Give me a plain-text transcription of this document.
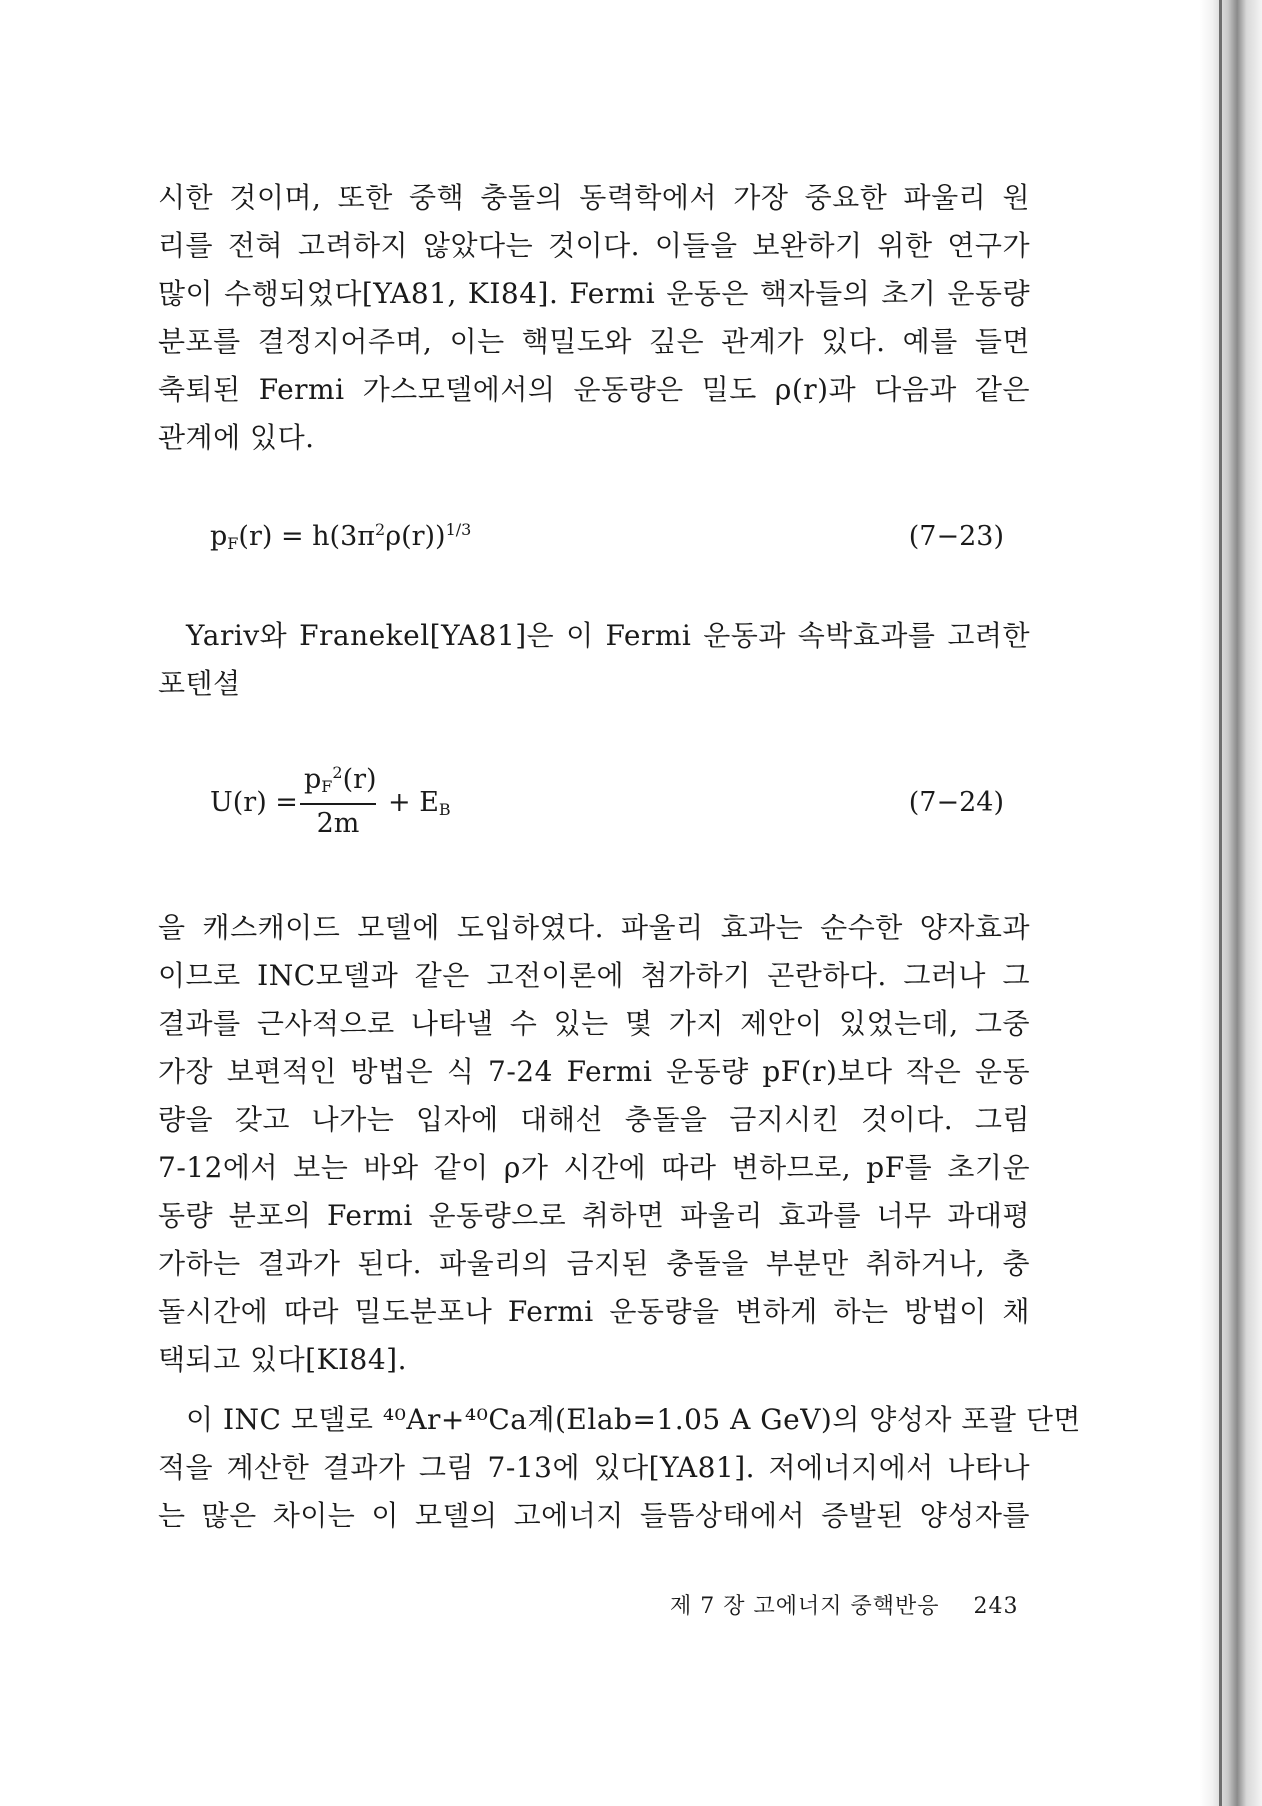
시한 것이며, 또한 중핵 충돌의 동력학에서 가장 중요한 파울리 원
리를 전혀 고려하지 않았다는 것이다. 이들을 보완하기 위한 연구가
많이 수행되었다[YA81, KI84]. Fermi 운동은 핵자들의 초기 운동량
분포를 결정지어주며, 이는 핵밀도와 깊은 관계가 있다. 예를 들면
축퇴된 Fermi 가스모델에서의 운동량은 밀도 ρ(r)과 다음과 같은
관계에 있다.
$p_F(r) = h(3\pi^2\rho(r))^{1/3}$	(7−23)
Yariv와 Franekel[YA81]은 이 Fermi 운동과 속박효과를 고려한
포텐셜
U(r) =
$p_F^2(r)$
2m
+ $E_B$	(7−24)
을 캐스캐이드 모델에 도입하였다. 파울리 효과는 순수한 양자효과
이므로 INC모델과 같은 고전이론에 첨가하기 곤란하다. 그러나 그
결과를 근사적으로 나타낼 수 있는 몇 가지 제안이 있었는데, 그중
가장 보편적인 방법은 식 7-24 Fermi 운동량 pF(r)보다 작은 운동
량을 갖고 나가는 입자에 대해선 충돌을 금지시킨 것이다. 그림
7-12에서 보는 바와 같이 ρ가 시간에 따라 변하므로, pF를 초기운
동량 분포의 Fermi 운동량으로 취하면 파울리 효과를 너무 과대평
가하는 결과가 된다. 파울리의 금지된 충돌을 부분만 취하거나, 충
돌시간에 따라 밀도분포나 Fermi 운동량을 변하게 하는 방법이 채
택되고 있다[KI84].
이 INC 모델로 ⁴⁰Ar+⁴⁰Ca계(Elab=1.05 A GeV)의 양성자 포괄 단면
적을 계산한 결과가 그림 7-13에 있다[YA81]. 저에너지에서 나타나
는 많은 차이는 이 모델의 고에너지 들뜸상태에서 증발된 양성자를
제 7 장 고에너지 중핵반응 243
